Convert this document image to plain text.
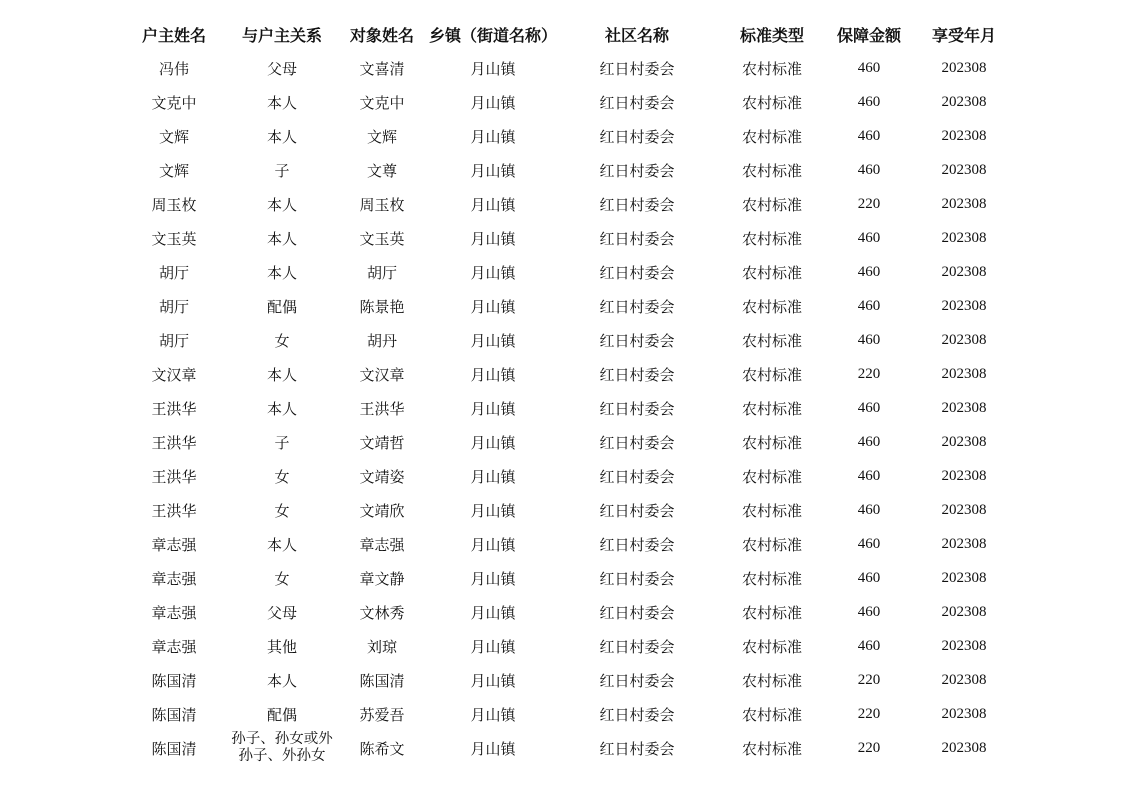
户主姓名	与户主关系	对象姓名	乡镇（街道名称）	社区名称	标准类型	保障金额	享受年月
冯伟	父母	文喜清	月山镇	红日村委会	农村标准	460	202308
文克中	本人	文克中	月山镇	红日村委会	农村标准	460	202308
文辉	本人	文辉	月山镇	红日村委会	农村标准	460	202308
文辉	子	文尊	月山镇	红日村委会	农村标准	460	202308
周玉枚	本人	周玉枚	月山镇	红日村委会	农村标准	220	202308
文玉英	本人	文玉英	月山镇	红日村委会	农村标准	460	202308
胡厅	本人	胡厅	月山镇	红日村委会	农村标准	460	202308
胡厅	配偶	陈景艳	月山镇	红日村委会	农村标准	460	202308
胡厅	女	胡丹	月山镇	红日村委会	农村标准	460	202308
文汉章	本人	文汉章	月山镇	红日村委会	农村标准	220	202308
王洪华	本人	王洪华	月山镇	红日村委会	农村标准	460	202308
王洪华	子	文靖哲	月山镇	红日村委会	农村标准	460	202308
王洪华	女	文靖姿	月山镇	红日村委会	农村标准	460	202308
王洪华	女	文靖欣	月山镇	红日村委会	农村标准	460	202308
章志强	本人	章志强	月山镇	红日村委会	农村标准	460	202308
章志强	女	章文静	月山镇	红日村委会	农村标准	460	202308
章志强	父母	文林秀	月山镇	红日村委会	农村标准	460	202308
章志强	其他	刘琼	月山镇	红日村委会	农村标准	460	202308
陈国清	本人	陈国清	月山镇	红日村委会	农村标准	220	202308
陈国清	配偶	苏爱吾	月山镇	红日村委会	农村标准	220	202308
陈国清	孙子、孙女或外孙子、外孙女	陈希文	月山镇	红日村委会	农村标准	220	202308
